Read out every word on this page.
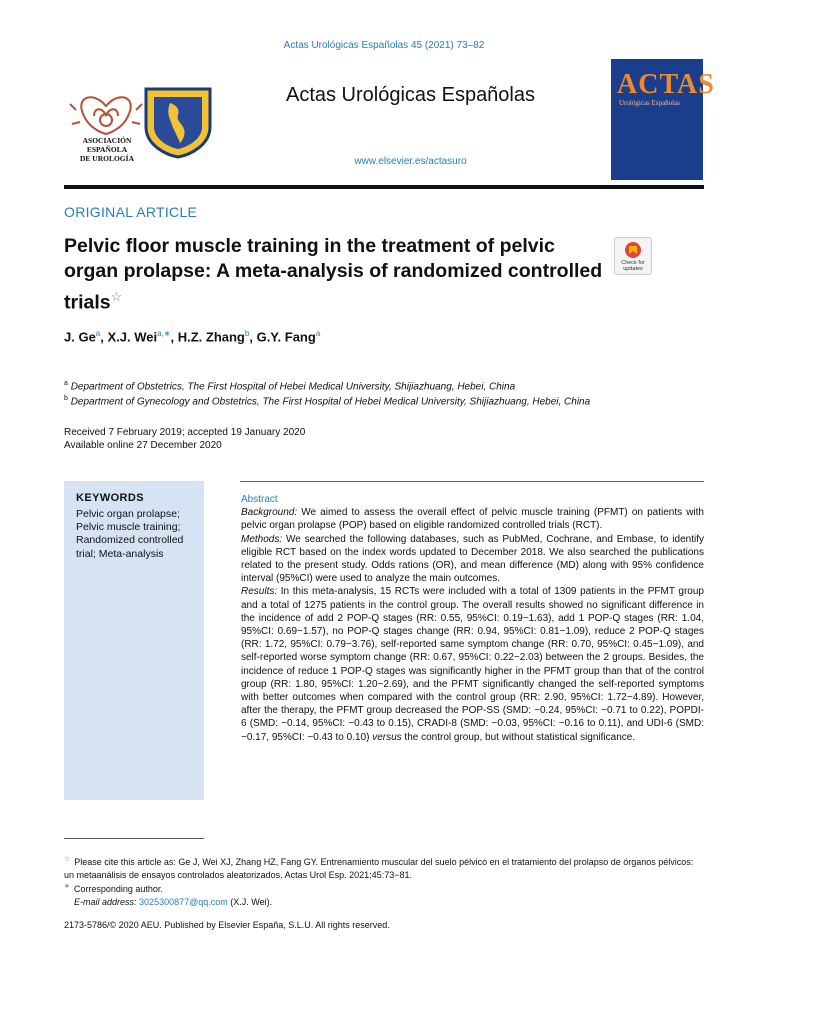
Actas Urológicas Españolas 45 (2021) 73–82
ASOCIACIÓN ESPAÑOLA
DE UROLOGÍA
Actas Urológicas Españolas
www.elsevier.es/actasuro
ACTAS
Urológicas Españolas
ORIGINAL ARTICLE
Pelvic floor muscle training in the treatment of pelvic organ prolapse: A meta-analysis of randomized controlled trials☆
Check for updates
J. Ge$^a$, X.J. Wei$^{a,∗}$, H.Z. Zhang$^b$, G.Y. Fang$^a$
$^a$ Department of Obstetrics, The First Hospital of Hebei Medical University, Shijiazhuang, Hebei, China
$^b$ Department of Gynecology and Obstetrics, The First Hospital of Hebei Medical University, Shijiazhuang, Hebei, China
Received 7 February 2019; accepted 19 January 2020
Available online 27 December 2020
KEYWORDS
Pelvic organ prolapse; Pelvic muscle training; Randomized controlled trial; Meta-analysis
Abstract

Background: We aimed to assess the overall effect of pelvic muscle training (PFMT) on patients with pelvic organ prolapse (POP) based on eligible randomized controlled trials (RCT).

Methods: We searched the following databases, such as PubMed, Cochrane, and Embase, to identify eligible RCT based on the index words updated to December 2018. We also searched the publications related to the present study. Odds rations (OR), and mean difference (MD) along with 95% confidence interval (95%CI) were used to analyze the main outcomes.

Results: In this meta-analysis, 15 RCTs were included with a total of 1309 patients in the PFMT group and a total of 1275 patients in the control group. The overall results showed no significant difference in the incidence of add 2 POP-Q stages (RR: 0.55, 95%CI: 0.19−1.63), add 1 POP-Q stages (RR: 1.04, 95%CI: 0.69−1.57), no POP-Q stages change (RR: 0.94, 95%CI: 0.81−1.09), reduce 2 POP-Q stages (RR: 1.72, 95%CI: 0.79−3.76), self-reported same symptom change (RR: 0.70, 95%CI: 0.45−1.09), and self-reported worse symptom change (RR: 0.67, 95%CI: 0.22−2.03) between the 2 groups. Besides, the incidence of reduce 1 POP-Q stages was significantly higher in the PFMT group than that of the control group (RR: 1.80, 95%CI: 1.20−2.69), and the PFMT significantly changed the self-reported symptoms with better outcomes when compared with the control group (RR: 2.90, 95%CI: 1.72−4.89). However, after the therapy, the PFMT group decreased the POP-SS (SMD: −0.24, 95%CI: −0.71 to 0.22), POPDI-6 (SMD: −0.14, 95%CI: −0.43 to 0.15), CRADI-8 (SMD: −0.03, 95%CI: −0.16 to 0.11), and UDI-6 (SMD: −0.17, 95%CI: −0.43 to 0.10) versus the control group, but without statistical significance.

☆ Please cite this article as: Ge J, Wei XJ, Zhang HZ, Fang GY. Entrenamiento muscular del suelo pélvico en el tratamiento del prolapso de órganos pélvicos: un metaanálisis de ensayos controlados aleatorizados. Actas Urol Esp. 2021;45:73−81.

∗ Corresponding author.

E-mail address: 3025300877@qq.com (X.J. Wei).

2173-5786/© 2020 AEU. Published by Elsevier España, S.L.U. All rights reserved.
